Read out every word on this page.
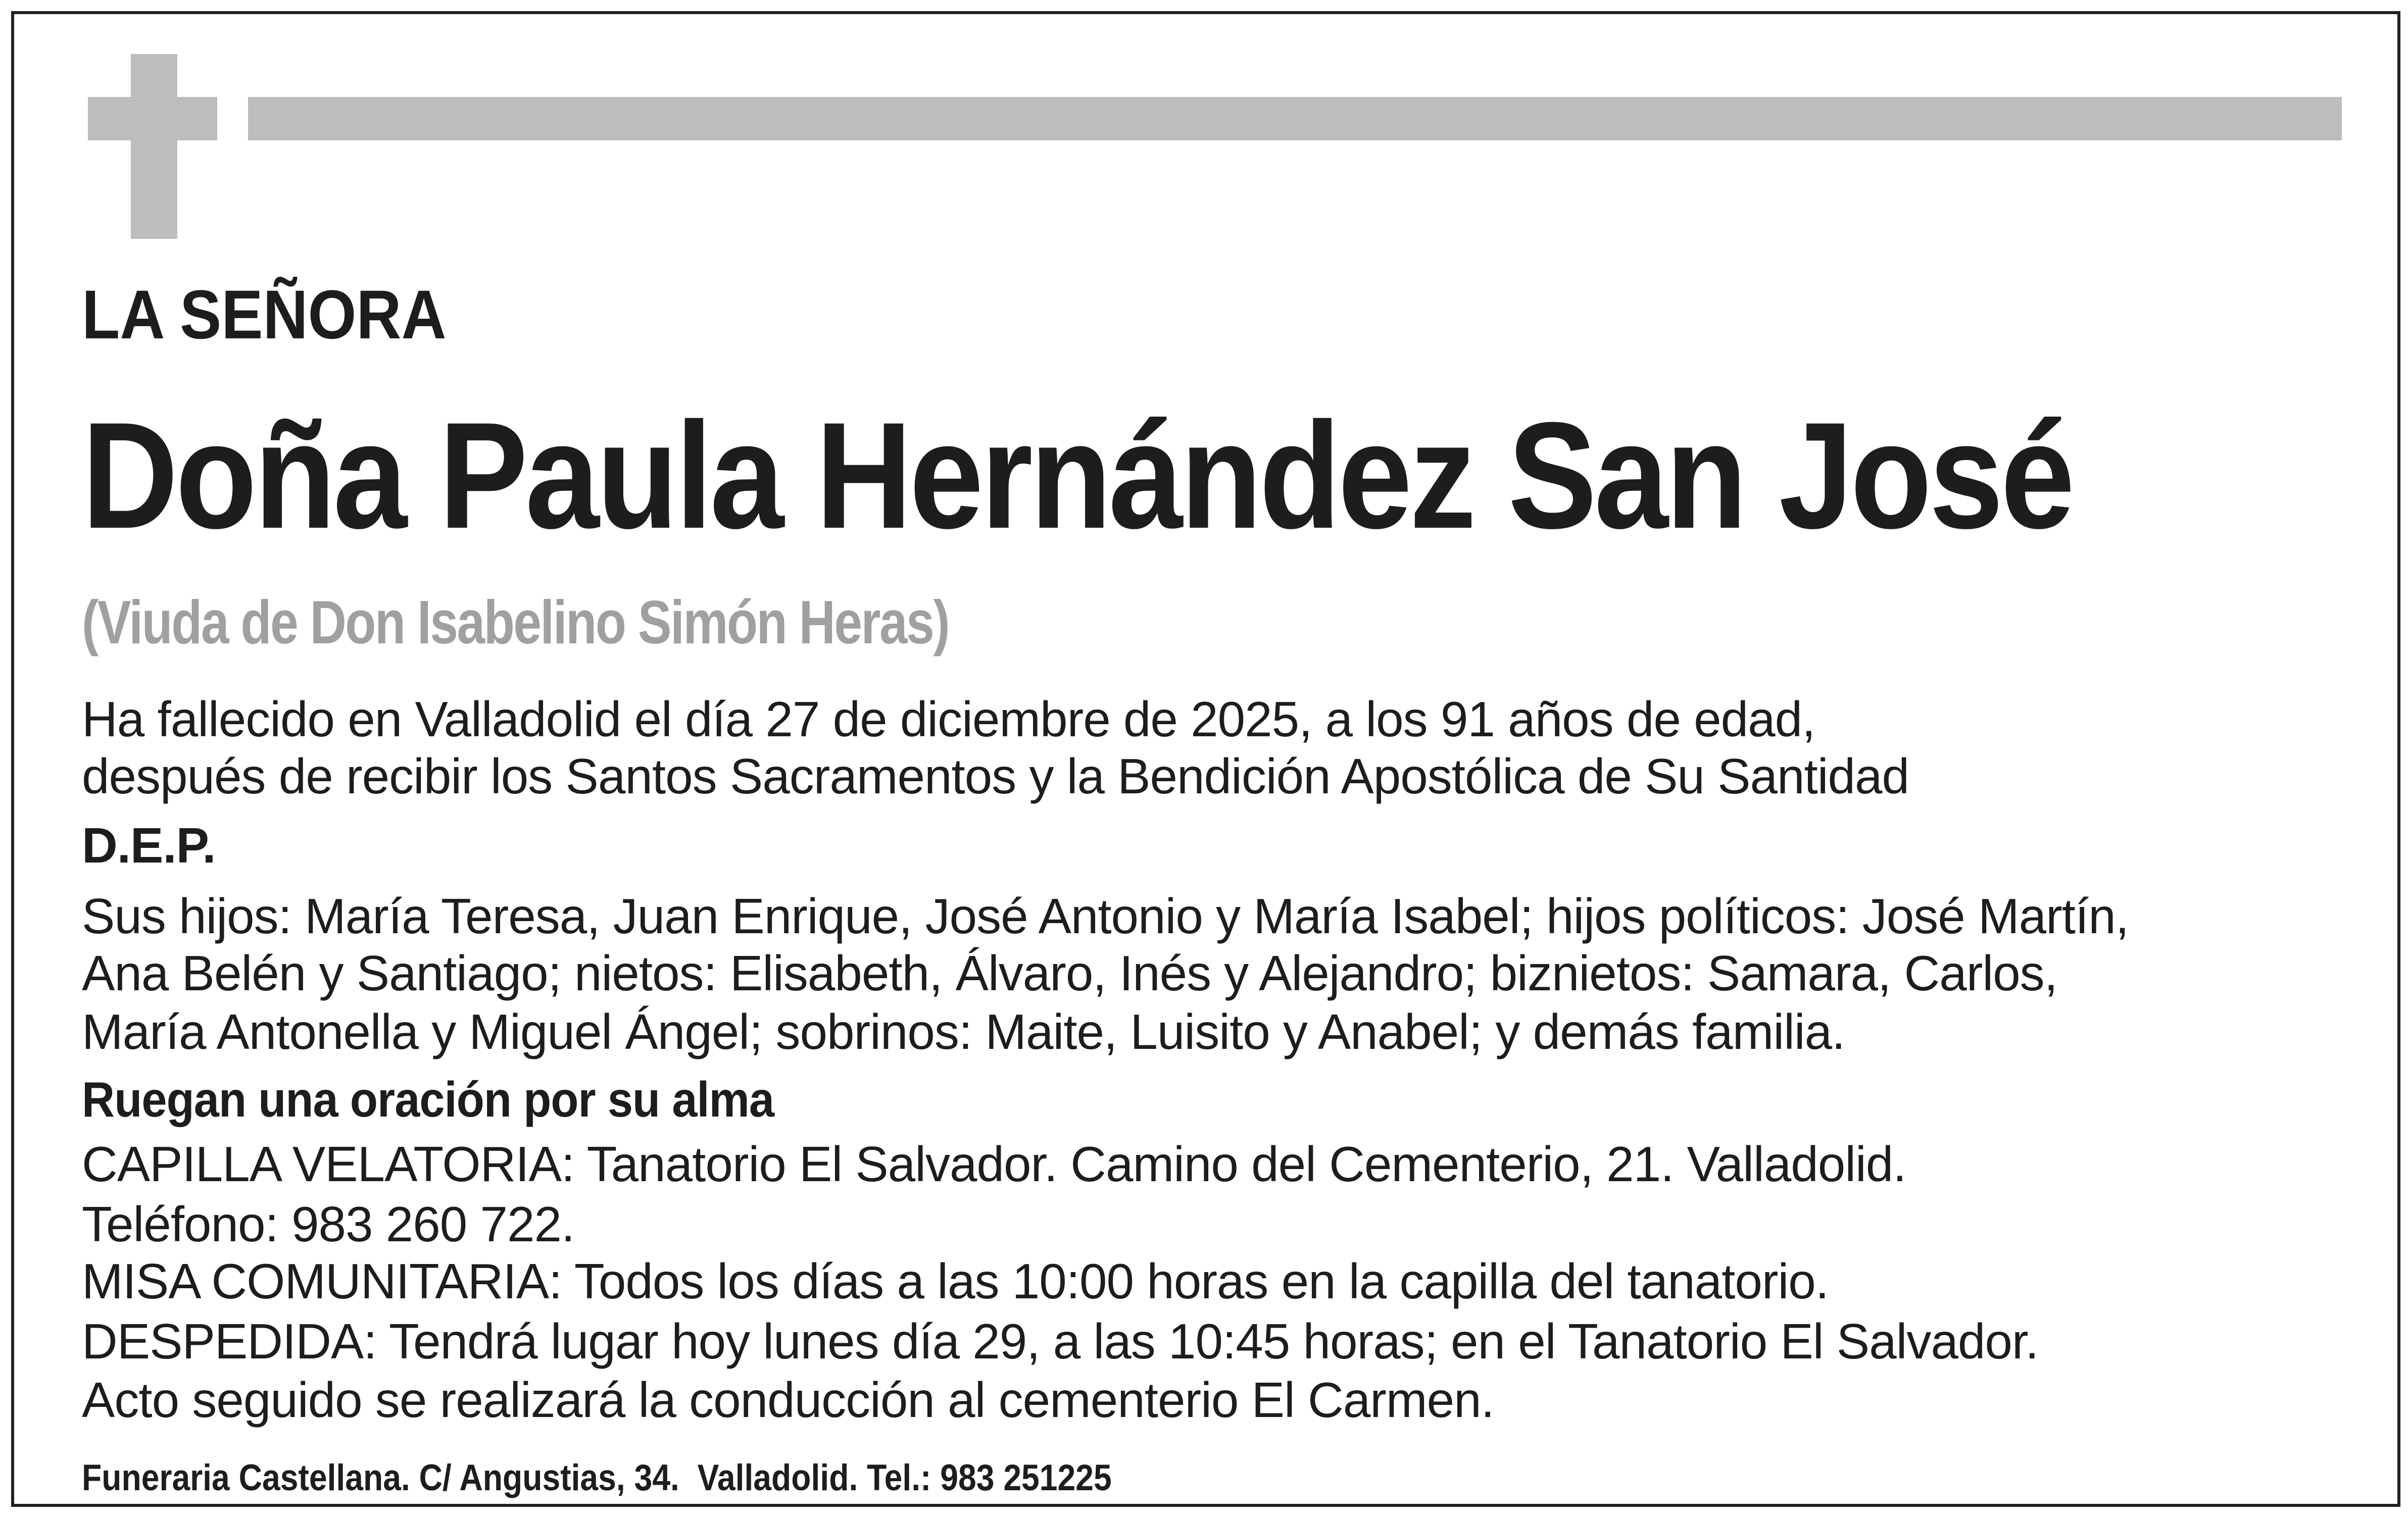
LA SEÑORA
Doña Paula Hernández San José
(Viuda de Don Isabelino Simón Heras)
Ha fallecido en Valladolid el día 27 de diciembre de 2025, a los 91 años de edad,
después de recibir los Santos Sacramentos y la Bendición Apostólica de Su Santidad
D.E.P.
Sus hijos: María Teresa, Juan Enrique, José Antonio y María Isabel; hijos políticos: José Martín,
Ana Belén y Santiago; nietos: Elisabeth, Álvaro, Inés y Alejandro; biznietos: Samara, Carlos,
María Antonella y Miguel Ángel; sobrinos: Maite, Luisito y Anabel; y demás familia.
Ruegan una oración por su alma
CAPILLA VELATORIA: Tanatorio El Salvador. Camino del Cementerio, 21. Valladolid.
Teléfono: 983 260 722.
MISA COMUNITARIA: Todos los días a las 10:00 horas en la capilla del tanatorio.
DESPEDIDA: Tendrá lugar hoy lunes día 29, a las 10:45 horas; en el Tanatorio El Salvador.
Acto seguido se realizará la conducción al cementerio El Carmen.
Funeraria Castellana. C/ Angustias, 34.  Valladolid. Tel.: 983 251225
